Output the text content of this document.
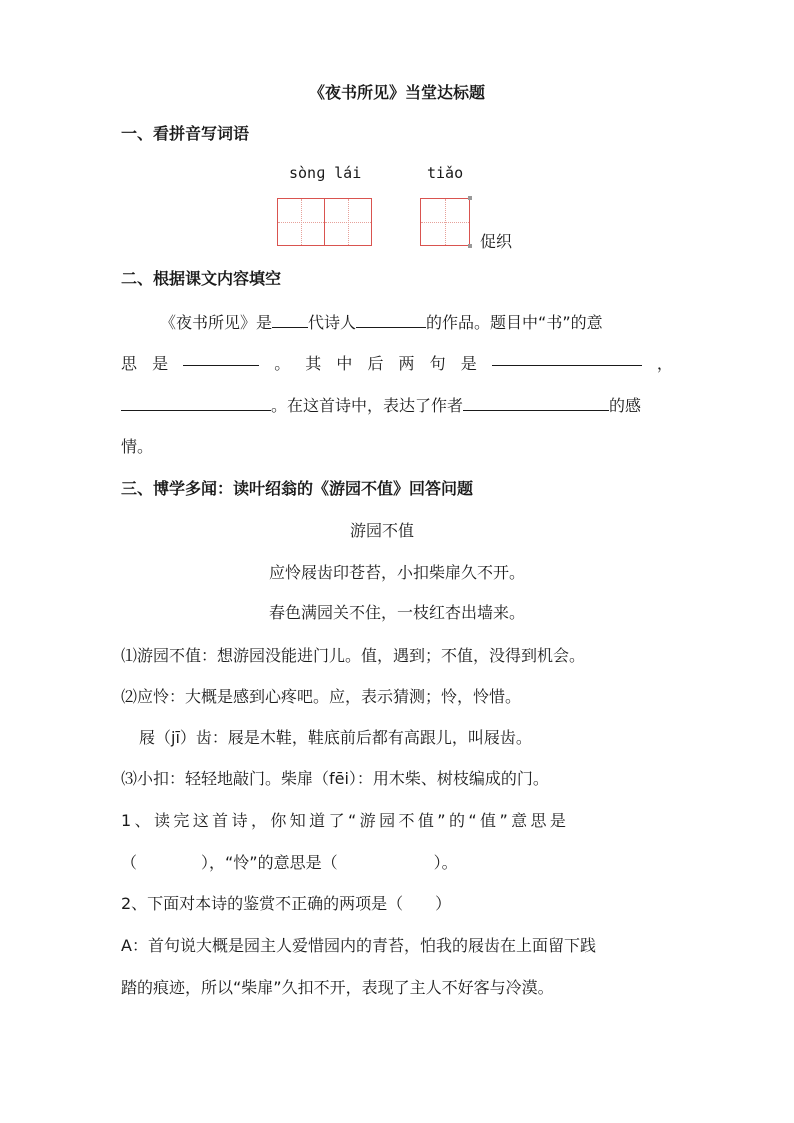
《夜书所见》当堂达标题
一、看拼音写词语
sònɡ lái	tiǎo
促织
二、根据课文内容填空
《夜书所见》是 代诗人	的作品。题目中“书”的意
思 是	。 其 中 后 两 句 是	，
。在这首诗中，表达了作者	的感
情。
三、博学多闻：读叶绍翁的《游园不值》回答问题
游园不值
应怜屐齿印苍苔，小扣柴扉久不开。
春色满园关不住，一枝红杏出墙来。
⑴游园不值：想游园没能进门儿。值，遇到；不值，没得到机会。
⑵应怜：大概是感到心疼吧。应，表示猜测；怜，怜惜。
屐（jī）齿：屐是木鞋，鞋底前后都有高跟儿，叫屐齿。
⑶小扣：轻轻地敲门。柴扉（fēi）：用木柴、树枝编成的门。
1、读完这首诗，你知道了“游园不值”的“值”意思是
（　　　　），“怜”的意思是（　　　　　　）。
2、下面对本诗的鉴赏不正确的两项是（　　）
A：首句说大概是园主人爱惜园内的青苔，怕我的屐齿在上面留下践
踏的痕迹，所以“柴扉”久扣不开，表现了主人不好客与冷漠。
